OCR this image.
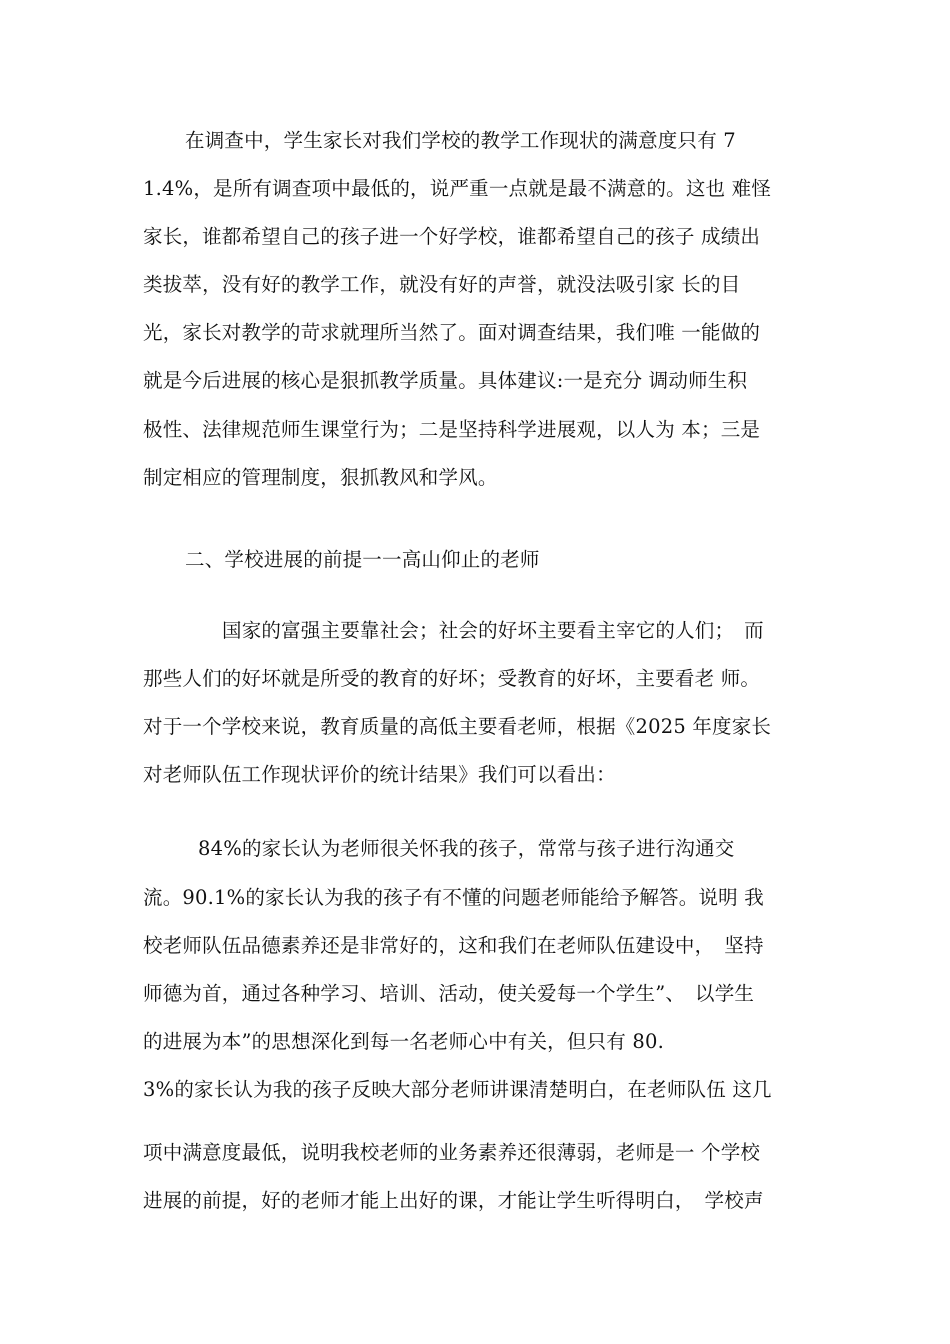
在调查中，学生家长对我们学校的教学工作现状的满意度只有 7
1.4%，是所有调查项中最低的，说严重一点就是最不满意的。这也 难怪
家长，谁都希望自己的孩子进一个好学校，谁都希望自己的孩子 成绩出
类拔萃，没有好的教学工作，就没有好的声誉，就没法吸引家 长的目
光，家长对教学的苛求就理所当然了。面对调查结果，我们唯 一能做的
就是今后进展的核心是狠抓教学质量。具体建议:一是充分 调动师生积
极性、法律规范师生课堂行为；二是坚持科学进展观，以人为 本；三是
制定相应的管理制度，狠抓教风和学风。
二、学校进展的前提一一高山仰止的老师
国家的富强主要靠社会；社会的好坏主要看主宰它的人们；　而
那些人们的好坏就是所受的教育的好坏；受教育的好坏，主要看老 师。
对于一个学校来说，教育质量的高低主要看老师，根据《2025 年度家长
对老师队伍工作现状评价的统计结果》我们可以看出：
84%的家长认为老师很关怀我的孩子，常常与孩子进行沟通交
流。90.1%的家长认为我的孩子有不懂的问题老师能给予解答。说明 我
校老师队伍品德素养还是非常好的，这和我们在老师队伍建设中，　坚持
师德为首，通过各种学习、培训、活动，使关爱每一个学生”、　以学生
的进展为本”的思想深化到每一名老师心中有关，但只有 80.
3%的家长认为我的孩子反映大部分老师讲课清楚明白，在老师队伍 这几
项中满意度最低，说明我校老师的业务素养还很薄弱，老师是一 个学校
进展的前提，好的老师才能上出好的课，才能让学生听得明白，　学校声
